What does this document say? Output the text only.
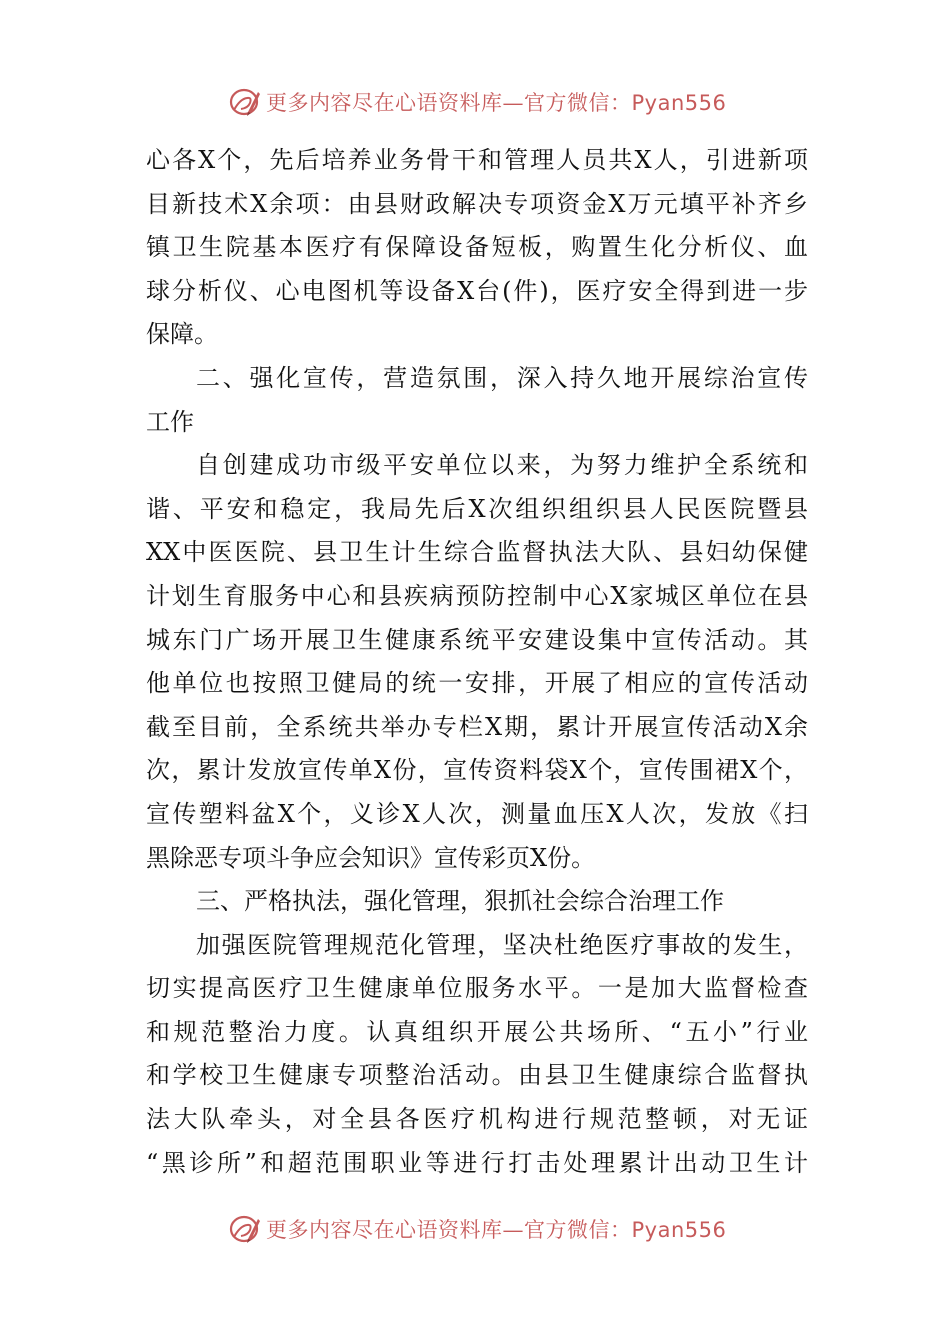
更多内容尽在心语资料库—官方微信：Pyan556
心各X个，先后培养业务骨干和管理人员共X人，引进新项
目新技术X余项：由县财政解决专项资金X万元填平补齐乡
镇卫生院基本医疗有保障设备短板，购置生化分析仪、血
球分析仪、心电图机等设备X台(件)，医疗安全得到进一步
保障。
二、强化宣传，营造氛围，深入持久地开展综治宣传
工作
自创建成功市级平安单位以来，为努力维护全系统和
谐、平安和稳定，我局先后X次组织组织县人民医院暨县
XX中医医院、县卫生计生综合监督执法大队、县妇幼保健
计划生育服务中心和县疾病预防控制中心X家城区单位在县
城东门广场开展卫生健康系统平安建设集中宣传活动。其
他单位也按照卫健局的统一安排，开展了相应的宣传活动
截至目前，全系统共举办专栏X期，累计开展宣传活动X余
次，累计发放宣传单X份，宣传资料袋X个，宣传围裙X个，
宣传塑料盆X个，义诊X人次，测量血压X人次，发放《扫
黑除恶专项斗争应会知识》宣传彩页X份。
三、严格执法，强化管理，狠抓社会综合治理工作
加强医院管理规范化管理，坚决杜绝医疗事故的发生，
切实提高医疗卫生健康单位服务水平。一是加大监督检查
和规范整治力度。认真组织开展公共场所、“五小”行业
和学校卫生健康专项整治活动。由县卫生健康综合监督执
法大队牵头，对全县各医疗机构进行规范整顿，对无证
“黑诊所”和超范围职业等进行打击处理累计出动卫生计
更多内容尽在心语资料库—官方微信：Pyan556
